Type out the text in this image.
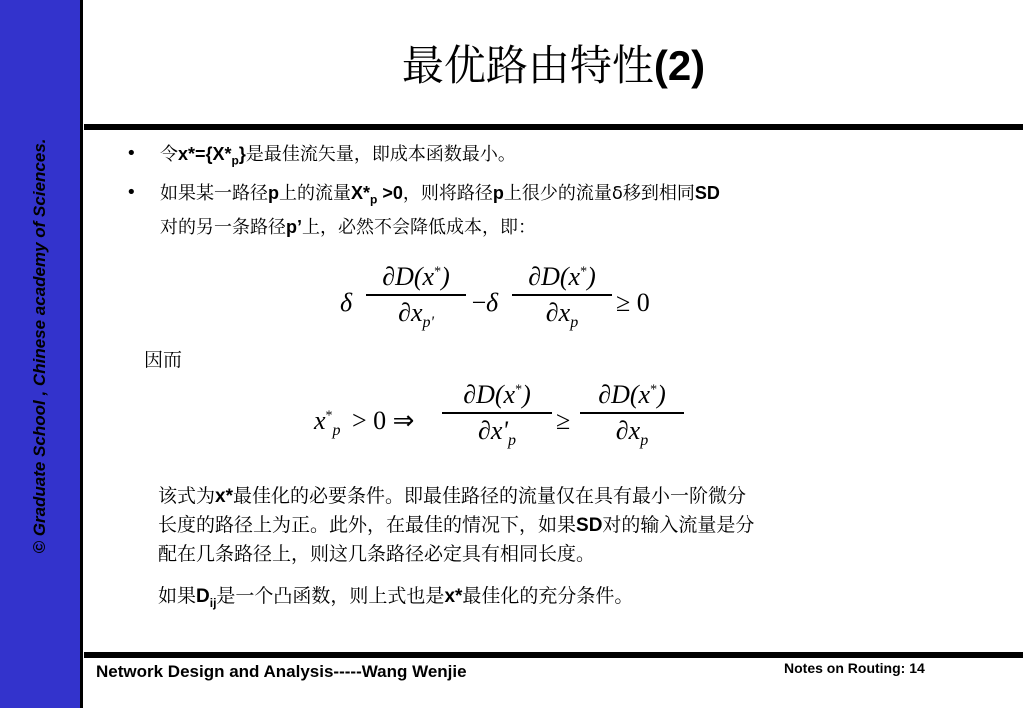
© Graduate School , Chinese academy of Sciences.
最优路由特性(2)
• 令$x*=\{X*_p\}$是最佳流矢量，即成本函数最小。
• 如果某一路径p上的流量$X*_p >0$，则将路径p上很少的流量δ移到相同SD
对的另一条路径p’上，必然不会降低成本，即：
δ
∂D(x*)
$\partial x_{p'}$
−
δ
∂D(x*)
$\partial x_p$
≥ 0
因而
$x^*_p > 0$ ⇒
∂D(x*)
$\partial x'_p$
≥
∂D(x*)
$\partial x_p$
该式为x*最佳化的必要条件。即最佳路径的流量仅在具有最小一阶微分
长度的路径上为正。此外，在最佳的情况下，如果SD对的输入流量是分
配在几条路径上，则这几条路径必定具有相同长度。
如果$D_{ij}$是一个凸函数，则上式也是x*最佳化的充分条件。
Network Design and Analysis-----Wang Wenjie	Notes on Routing: 14
